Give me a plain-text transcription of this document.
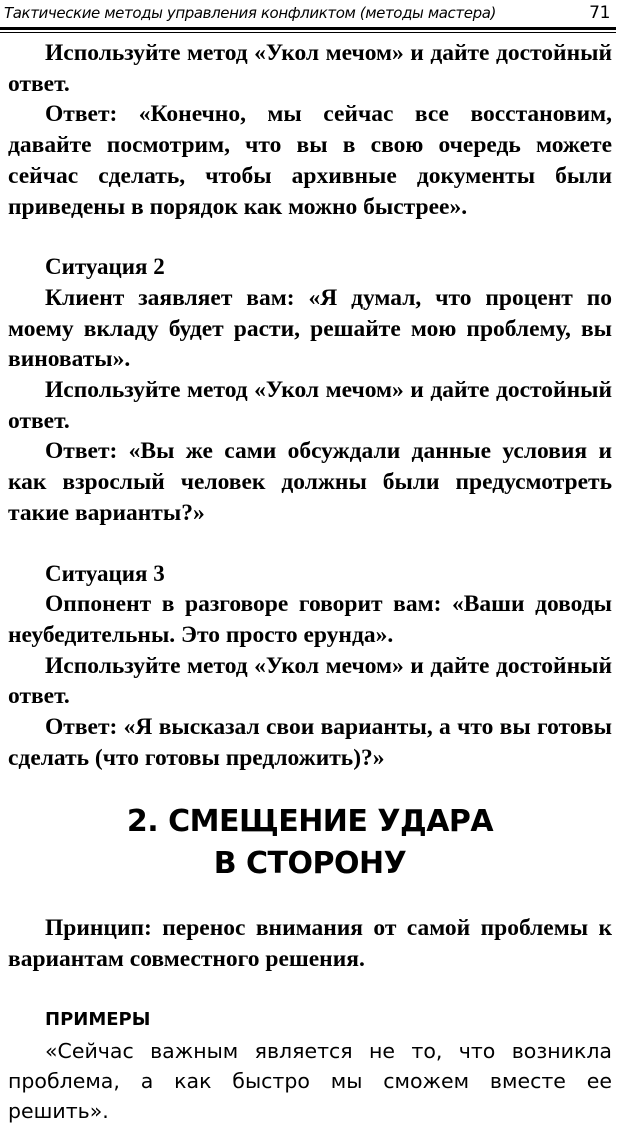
Тактические методы управления конфликтом (методы мастера)	71

Используйте метод «Укол мечом» и дайте достойный ответ.

Ответ: «Конечно, мы сейчас все восстановим, давайте посмотрим, что вы в свою очередь можете сейчас сделать, чтобы архивные документы были приведены в порядок как можно быстрее».

Ситуация 2

Клиент заявляет вам: «Я думал, что процент по моему вкладу будет расти, решайте мою проблему, вы виноваты».

Используйте метод «Укол мечом» и дайте достойный ответ.

Ответ: «Вы же сами обсуждали данные условия и как взрослый человек должны были предусмотреть такие варианты?»

Ситуация 3

Оппонент в разговоре говорит вам: «Ваши доводы неубедительны. Это просто ерунда».

Используйте метод «Укол мечом» и дайте достойный ответ.

Ответ: «Я высказал свои варианты, а что вы готовы сделать (что готовы предложить)?»

2. СМЕЩЕНИЕ УДАРА
В СТОРОНУ

Принцип: перенос внимания от самой проблемы к вариантам совместного решения.

ПРИМЕРЫ

«Сейчас важным является не то, что возникла проблема, а как быстро мы сможем вместе ее решить».
